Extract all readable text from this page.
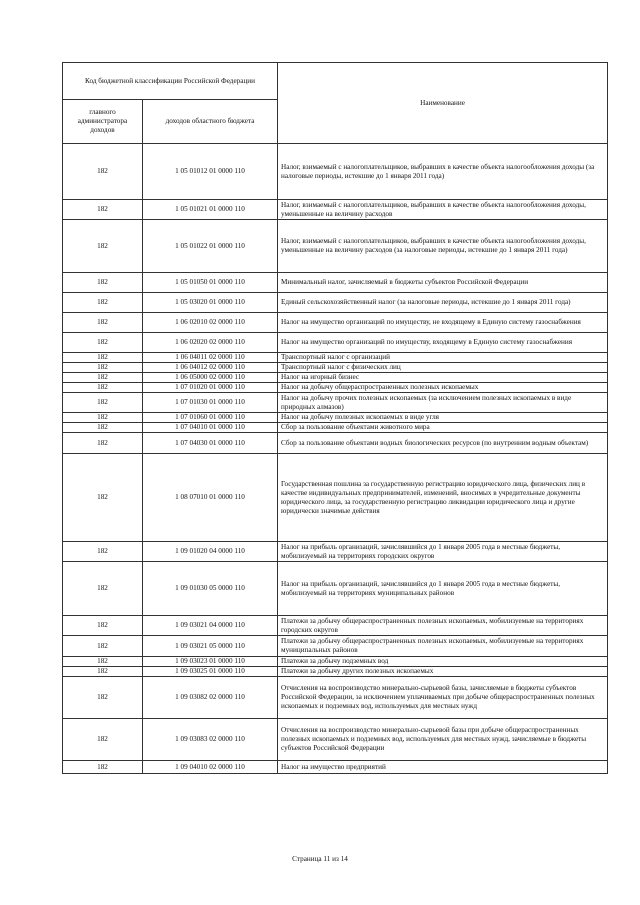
Код бюджетной классификации Российской Федерации		Наименование
главного администратора доходов	доходов областного бюджета	
182	1 05 01012 01 0000 110	Налог, взимаемый с налогоплательщиков, выбравших в качестве объекта налогообложения доходы (за налоговые периоды, истекшие до 1 января 2011 года)
182	1 05 01021 01 0000 110	Налог, взимаемый с налогоплательщиков, выбравших в качестве объекта налогообложения доходы, уменьшенные на величину расходов
182	1 05 01022 01 0000 110	Налог, взимаемый с налогоплательщиков, выбравших в качестве объекта налогообложения доходы, уменьшенные на величину расходов (за налоговые периоды, истекшие до 1 января 2011 года)
182	1 05 01050 01 0000 110	Минимальный налог, зачисляемый в бюджеты субъектов Российской Федерации
182	1 05 03020 01 0000 110	Единый сельскохозяйственный налог (за налоговые периоды, истекшие до 1 января 2011 года)
182	1 06 02010 02 0000 110	Налог на имущество организаций по имуществу, не входящему в Единую систему газоснабжения
182	1 06 02020 02 0000 110	Налог на имущество организаций по имуществу, входящему в Единую систему газоснабжения
182	1 06 04011 02 0000 110	Транспортный налог с организаций
182	1 06 04012 02 0000 110	Транспортный налог с физических лиц
182	1 06 05000 02 0000 110	Налог на игорный бизнес
182	1 07 01020 01 0000 110	Налог на добычу общераспространенных полезных ископаемых
182	1 07 01030 01 0000 110	Налог на добычу прочих полезных ископаемых (за исключением полезных ископаемых в виде природных алмазов)
182	1 07 01060 01 0000 110	Налог на добычу полезных ископаемых в виде угля
182	1 07 04010 01 0000 110	Сбор за пользование объектами животного мира
182	1 07 04030 01 0000 110	Сбор за пользование объектами водных биологических ресурсов (по внутренним водным объектам)
182	1 08 07010 01 0000 110	Государственная пошлина за государственную регистрацию юридического лица, физических лиц в качестве индивидуальных предпринимателей, изменений, вносимых в учредительные документы юридического лица, за государственную регистрацию ликвидации юридического лица и другие юридически значимые действия
182	1 09 01020 04 0000 110	Налог на прибыль организаций, зачислявшийся до 1 января 2005 года в местные бюджеты, мобилизуемый на территориях городских округов
182	1 09 01030 05 0000 110	Налог на прибыль организаций, зачислявшийся до 1 января 2005 года в местные бюджеты, мобилизуемый на территориях муниципальных районов
182	1 09 03021 04 0000 110	Платежи за добычу общераспространенных полезных ископаемых, мобилизуемые на территориях городских округов
182	1 09 03021 05 0000 110	Платежи за добычу общераспространенных полезных ископаемых, мобилизуемые на территориях муниципальных районов
182	1 09 03023 01 0000 110	Платежи за добычу подземных вод
182	1 09 03025 01 0000 110	Платежи за добычу других полезных ископаемых
182	1 09 03082 02 0000 110	Отчисления на воспроизводство минерально-сырьевой базы, зачисляемые в бюджеты субъектов Российской Федерации, за исключением уплачиваемых при добыче общераспространенных полезных ископаемых и подземных вод, используемых для местных нужд
182	1 09 03083 02 0000 110	Отчисления на воспроизводство минерально-сырьевой базы при добыче общераспространенных полезных ископаемых и подземных вод, используемых для местных нужд, зачисляемые в бюджеты субъектов Российской Федерации
182	1 09 04010 02 0000 110	Налог на имущество предприятий
Страница 11 из 14
